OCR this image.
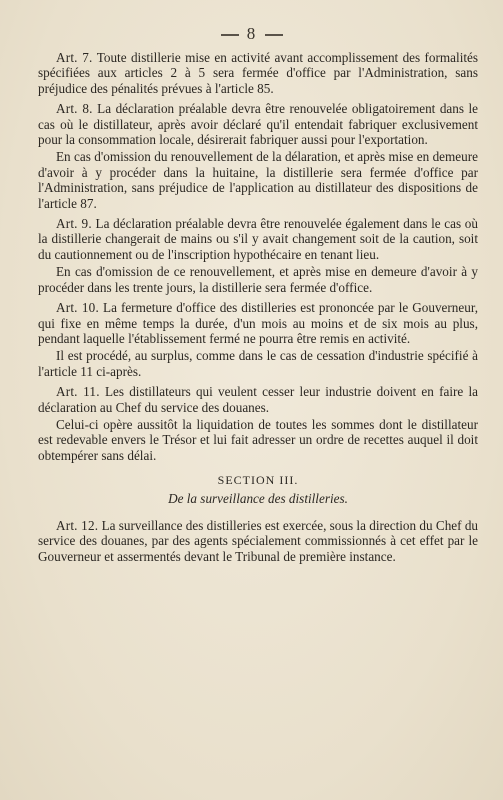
8

Art. 7. Toute distillerie mise en activité avant accomplissement des formalités spécifiées aux articles 2 à 5 sera fermée d'office par l'Administration, sans préjudice des pénalités prévues à l'article 85.

Art. 8. La déclaration préalable devra être renouvelée obligatoirement dans le cas où le distillateur, après avoir déclaré qu'il entendait fabriquer exclusivement pour la consommation locale, désirerait fabriquer aussi pour l'exportation.

En cas d'omission du renouvellement de la délaration, et après mise en demeure d'avoir à y procéder dans la huitaine, la distillerie sera fermée d'office par l'Administration, sans préjudice de l'application au distillateur des dispositions de l'article 87.

Art. 9. La déclaration préalable devra être renouvelée également dans le cas où la distillerie changerait de mains ou s'il y avait changement soit de la caution, soit du cautionnement ou de l'inscription hypothécaire en tenant lieu.

En cas d'omission de ce renouvellement, et après mise en demeure d'avoir à y procéder dans les trente jours, la distillerie sera fermée d'office.

Art. 10. La fermeture d'office des distilleries est prononcée par le Gouverneur, qui fixe en même temps la durée, d'un mois au moins et de six mois au plus, pendant laquelle l'établissement fermé ne pourra être remis en activité.

Il est procédé, au surplus, comme dans le cas de cessation d'industrie spécifié à l'article 11 ci-après.

Art. 11. Les distillateurs qui veulent cesser leur industrie doivent en faire la déclaration au Chef du service des douanes.

Celui-ci opère aussitôt la liquidation de toutes les sommes dont le distillateur est redevable envers le Trésor et lui fait adresser un ordre de recettes auquel il doit obtempérer sans délai.

SECTION III.

De la surveillance des distilleries.

Art. 12. La surveillance des distilleries est exercée, sous la direction du Chef du service des douanes, par des agents spécialement commissionnés à cet effet par le Gouverneur et assermentés devant le Tribunal de première instance.
